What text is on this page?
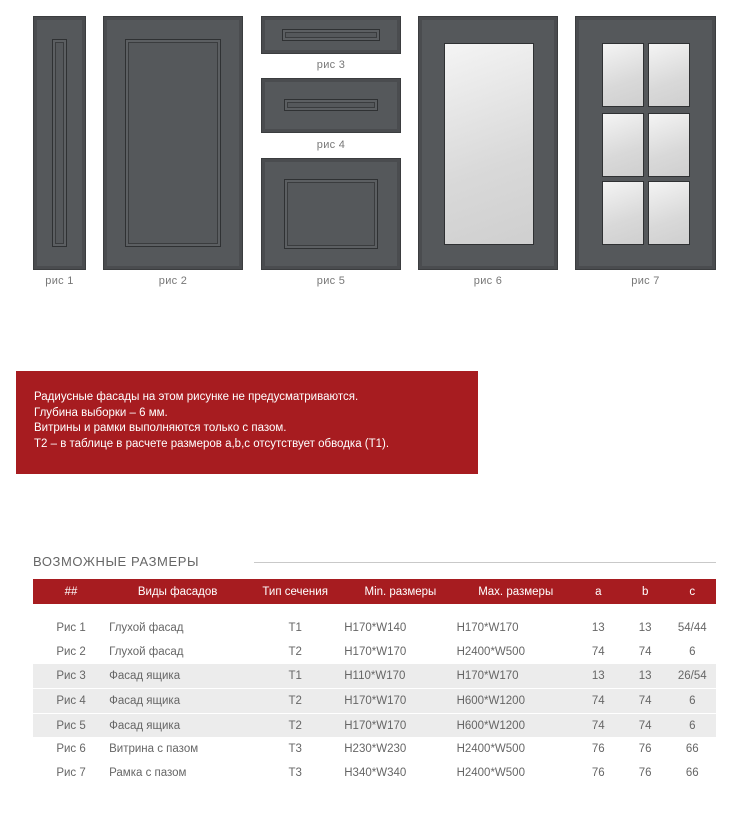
рис 1	рис 2
рис 3
рис 4
рис 5	рис 6	рис 7
Радиусные фасады на этом рисунке не предусматриваются.
Глубина выборки – 6 мм.
Витрины и рамки выполняются только с пазом.
Т2 – в таблице в расчете размеров a,b,c отсутствует обводка (Т1).
ВОЗМОЖНЫЕ РАЗМЕРЫ
##	Виды фасадов	Тип сечения	Min. размеры	Max. размеры	a	b	c

Рис 1	Глухой фасад	Т1	H170*W140	H170*W170	13	13	54/44
Рис 2	Глухой фасад	Т2	H170*W170	H2400*W500	74	74	6
Рис 3	Фасад ящика	Т1	H110*W170	H170*W170	13	13	26/54
Рис 4	Фасад ящика	Т2	H170*W170	H600*W1200	74	74	6
Рис 5	Фасад ящика	Т2	H170*W170	H600*W1200	74	74	6
Рис 6	Витрина с пазом	Т3	H230*W230	H2400*W500	76	76	66
Рис 7	Рамка с пазом	Т3	H340*W340	H2400*W500	76	76	66
